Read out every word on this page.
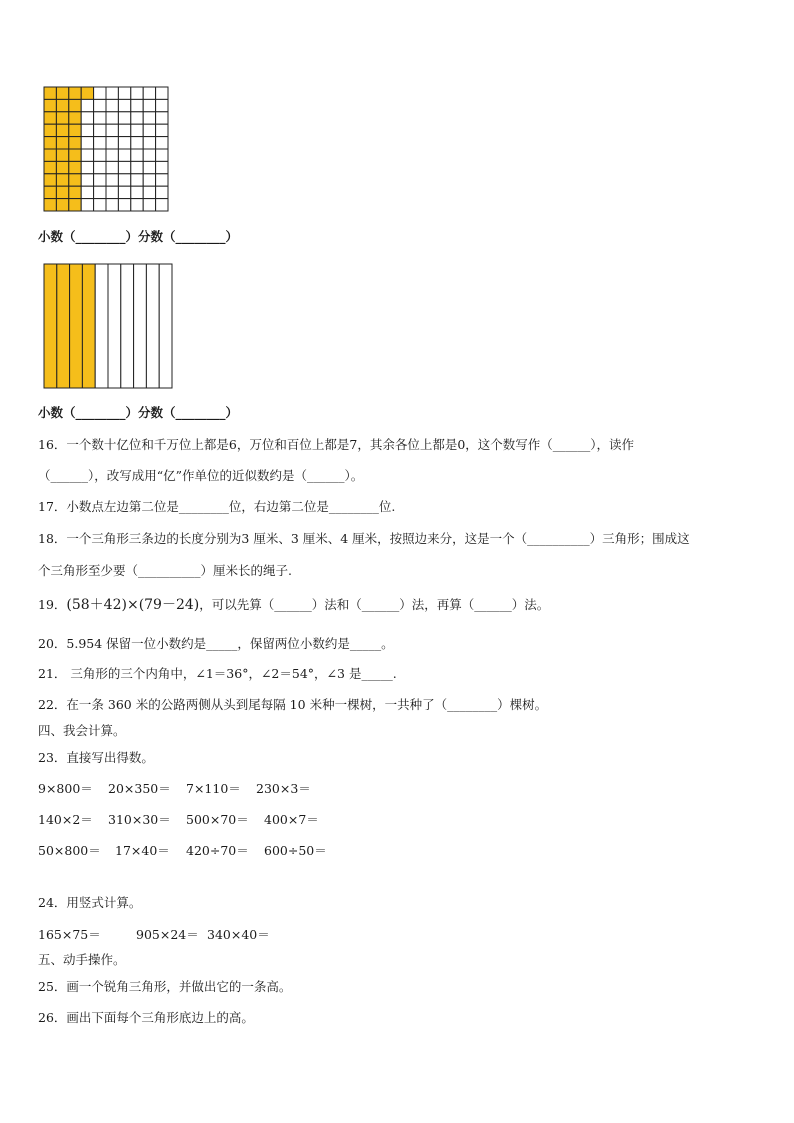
小数（________）分数（________）
小数（________）分数（________）
16．一个数十亿位和千万位上都是6，万位和百位上都是7，其余各位上都是0，这个数写作（______），读作
（______），改写成用“亿”作单位的近似数约是（______）。
17．小数点左边第二位是________位，右边第二位是________位.
18．一个三角形三条边的长度分别为3 厘米、3 厘米、4 厘米，按照边来分，这是一个（__________）三角形；围成这
个三角形至少要（__________）厘米长的绳子.
19．(58＋42)×(79－24)，可以先算（______）法和（______）法，再算（______）法。
20．5.954 保留一位小数约是_____，保留两位小数约是_____。
21． 三角形的三个内角中，∠1＝36°，∠2＝54°，∠3 是_____.
22．在一条 360 米的公路两侧从头到尾每隔 10 米种一棵树，一共种了（________）棵树。
四、我会计算。
23．直接写出得数。
9×800＝ 20×350＝ 7×110＝ 230×3＝
140×2＝ 310×30＝ 500×70＝ 400×7＝
50×800＝ 17×40＝ 420÷70＝ 600÷50＝
24．用竖式计算。
165×75＝	905×24＝ 340×40＝
五、动手操作。
25．画一个锐角三角形，并做出它的一条高。
26．画出下面每个三角形底边上的高。
